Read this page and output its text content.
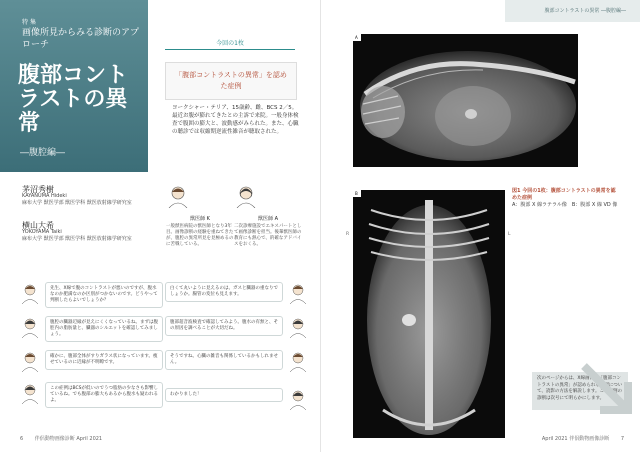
特集
画像所見からみる診断のアプローチ
腹部コントラストの異常
―腹腔編―
茅沼秀樹
KAYANUMA Hideki
麻布大学 獣医学部 獣医学科 獣医放射線学研究室
横山大希
YOKOYAMA Taiki
麻布大学 獣医学部 獣医学科 獣医放射線学研究室
今回の1枚
「腹部コントラストの異常」を認めた症例
ヨークシャー・テリア、15歳齢、雌、BCS 2／5。最近お腹が膨れてきたとの主訴で来院。一般身体検査で腹囲の膨大と、波動感がみられた。また、心臓の聴診では収縮期逆流性雑音が聴取された。
獣医師 K
一般獣医病院の獣医師となり3年目。画像診断の経験を重ねてきたが、腹腔の異常所見を見極めるのに苦戦している。
獣医師 A
二次診療施設でエキスパートとして画像診断を担当。後輩獣医師の教育にも熱心で、的確なアドバイスをおくる。
先生、X線で腹のコントラストが悪いのですが、腹水なのか肥満なのか区別がつかないのです。どうやって判断したらよいでしょうか？
腹腔の臓器辺縁が見えにくくなっているね。まずは腹腔内の脂肪量と、臓器のシルエットを確認してみましょう。
確かに、腹部全体がすりガラス状になっています。痩せているのに辺縁が不明瞭です。
この症例はBCSが低いのでうつ脂肪の少なさも影響しているね。でも腹部の膨大もあるから腹水も疑われるよ。
白くて丸いように見えるのは、ガスと臓器の重なりでしょうか。腸管の変位も見えます。
腹部超音波検査で確認してみよう。腹水の有無と、その原因を調べることが大切だね。
そうですね。心臓の雑音も関係しているかもしれません。
わかりました！
6 伴侶動物画像診断 April 2021
腹部コントラストの異常 ―腹腔編―
A
B
R	L
図1 今回の1枚：腹部コントラストの異常を認めた症例
A：腹部 X 線ラテラル像　B：腹部 X 線 VD 像
次のページからは、X線画像で「腹部コントラストの異常」が認められる症例について、読影の方法を解説します。この症例の診断は次号にて明らかにします。
April 2021 伴侶動物画像診断 7
